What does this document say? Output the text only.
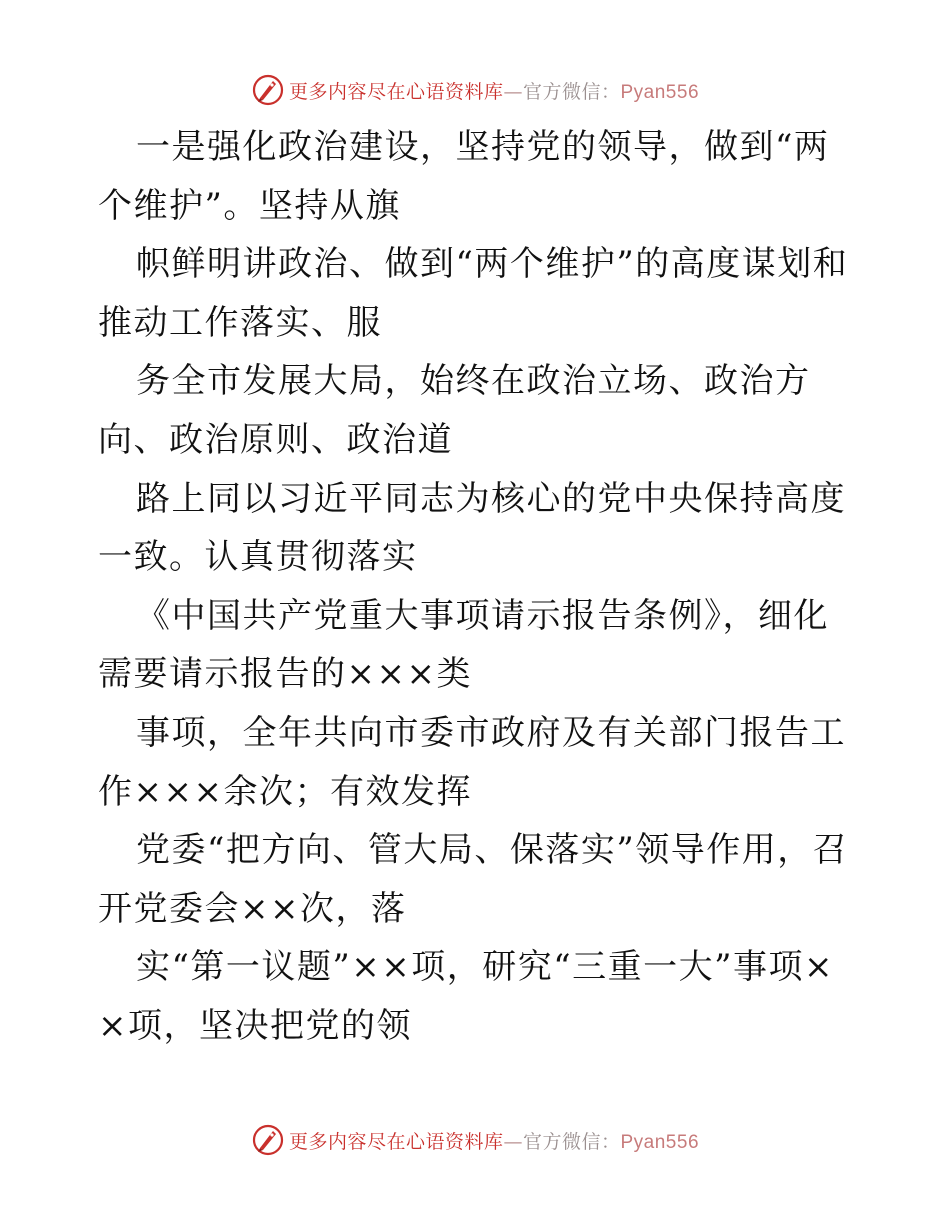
更多内容尽在心语资料库—官方微信：Pyan556

一是强化政治建设，坚持党的领导，做到“两个维护”。坚持从旗

帜鲜明讲政治、做到“两个维护”的高度谋划和推动工作落实、服

务全市发展大局，始终在政治立场、政治方向、政治原则、政治道

路上同以习近平同志为核心的党中央保持高度一致。认真贯彻落实

《中国共产党重大事项请示报告条例》，细化需要请示报告的×××类

事项，全年共向市委市政府及有关部门报告工作×××余次；有效发挥

党委“把方向、管大局、保落实”领导作用，召开党委会××次，落

实“第一议题”××项，研究“三重一大”事项××项，坚决把党的领

更多内容尽在心语资料库—官方微信：Pyan556
